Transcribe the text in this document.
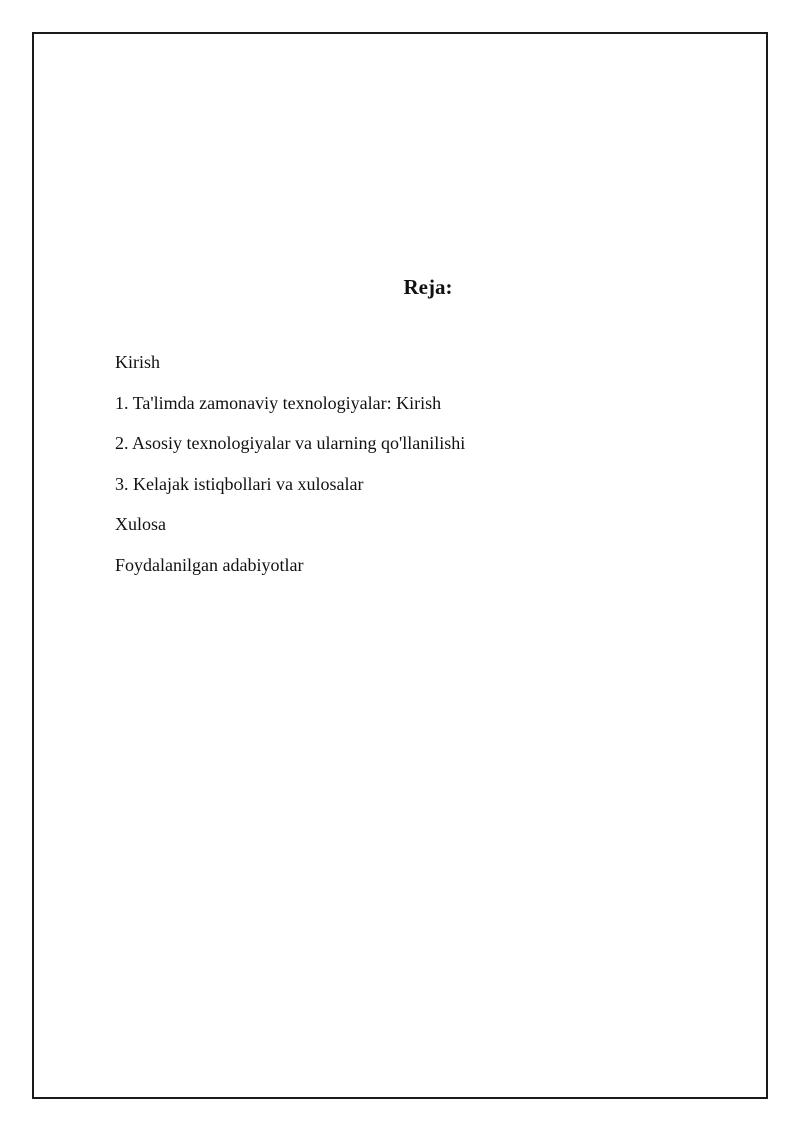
Reja:
Kirish
1. Ta'limda zamonaviy texnologiyalar: Kirish
2. Asosiy texnologiyalar va ularning qo'llanilishi
3. Kelajak istiqbollari va xulosalar
Xulosa
Foydalanilgan adabiyotlar
